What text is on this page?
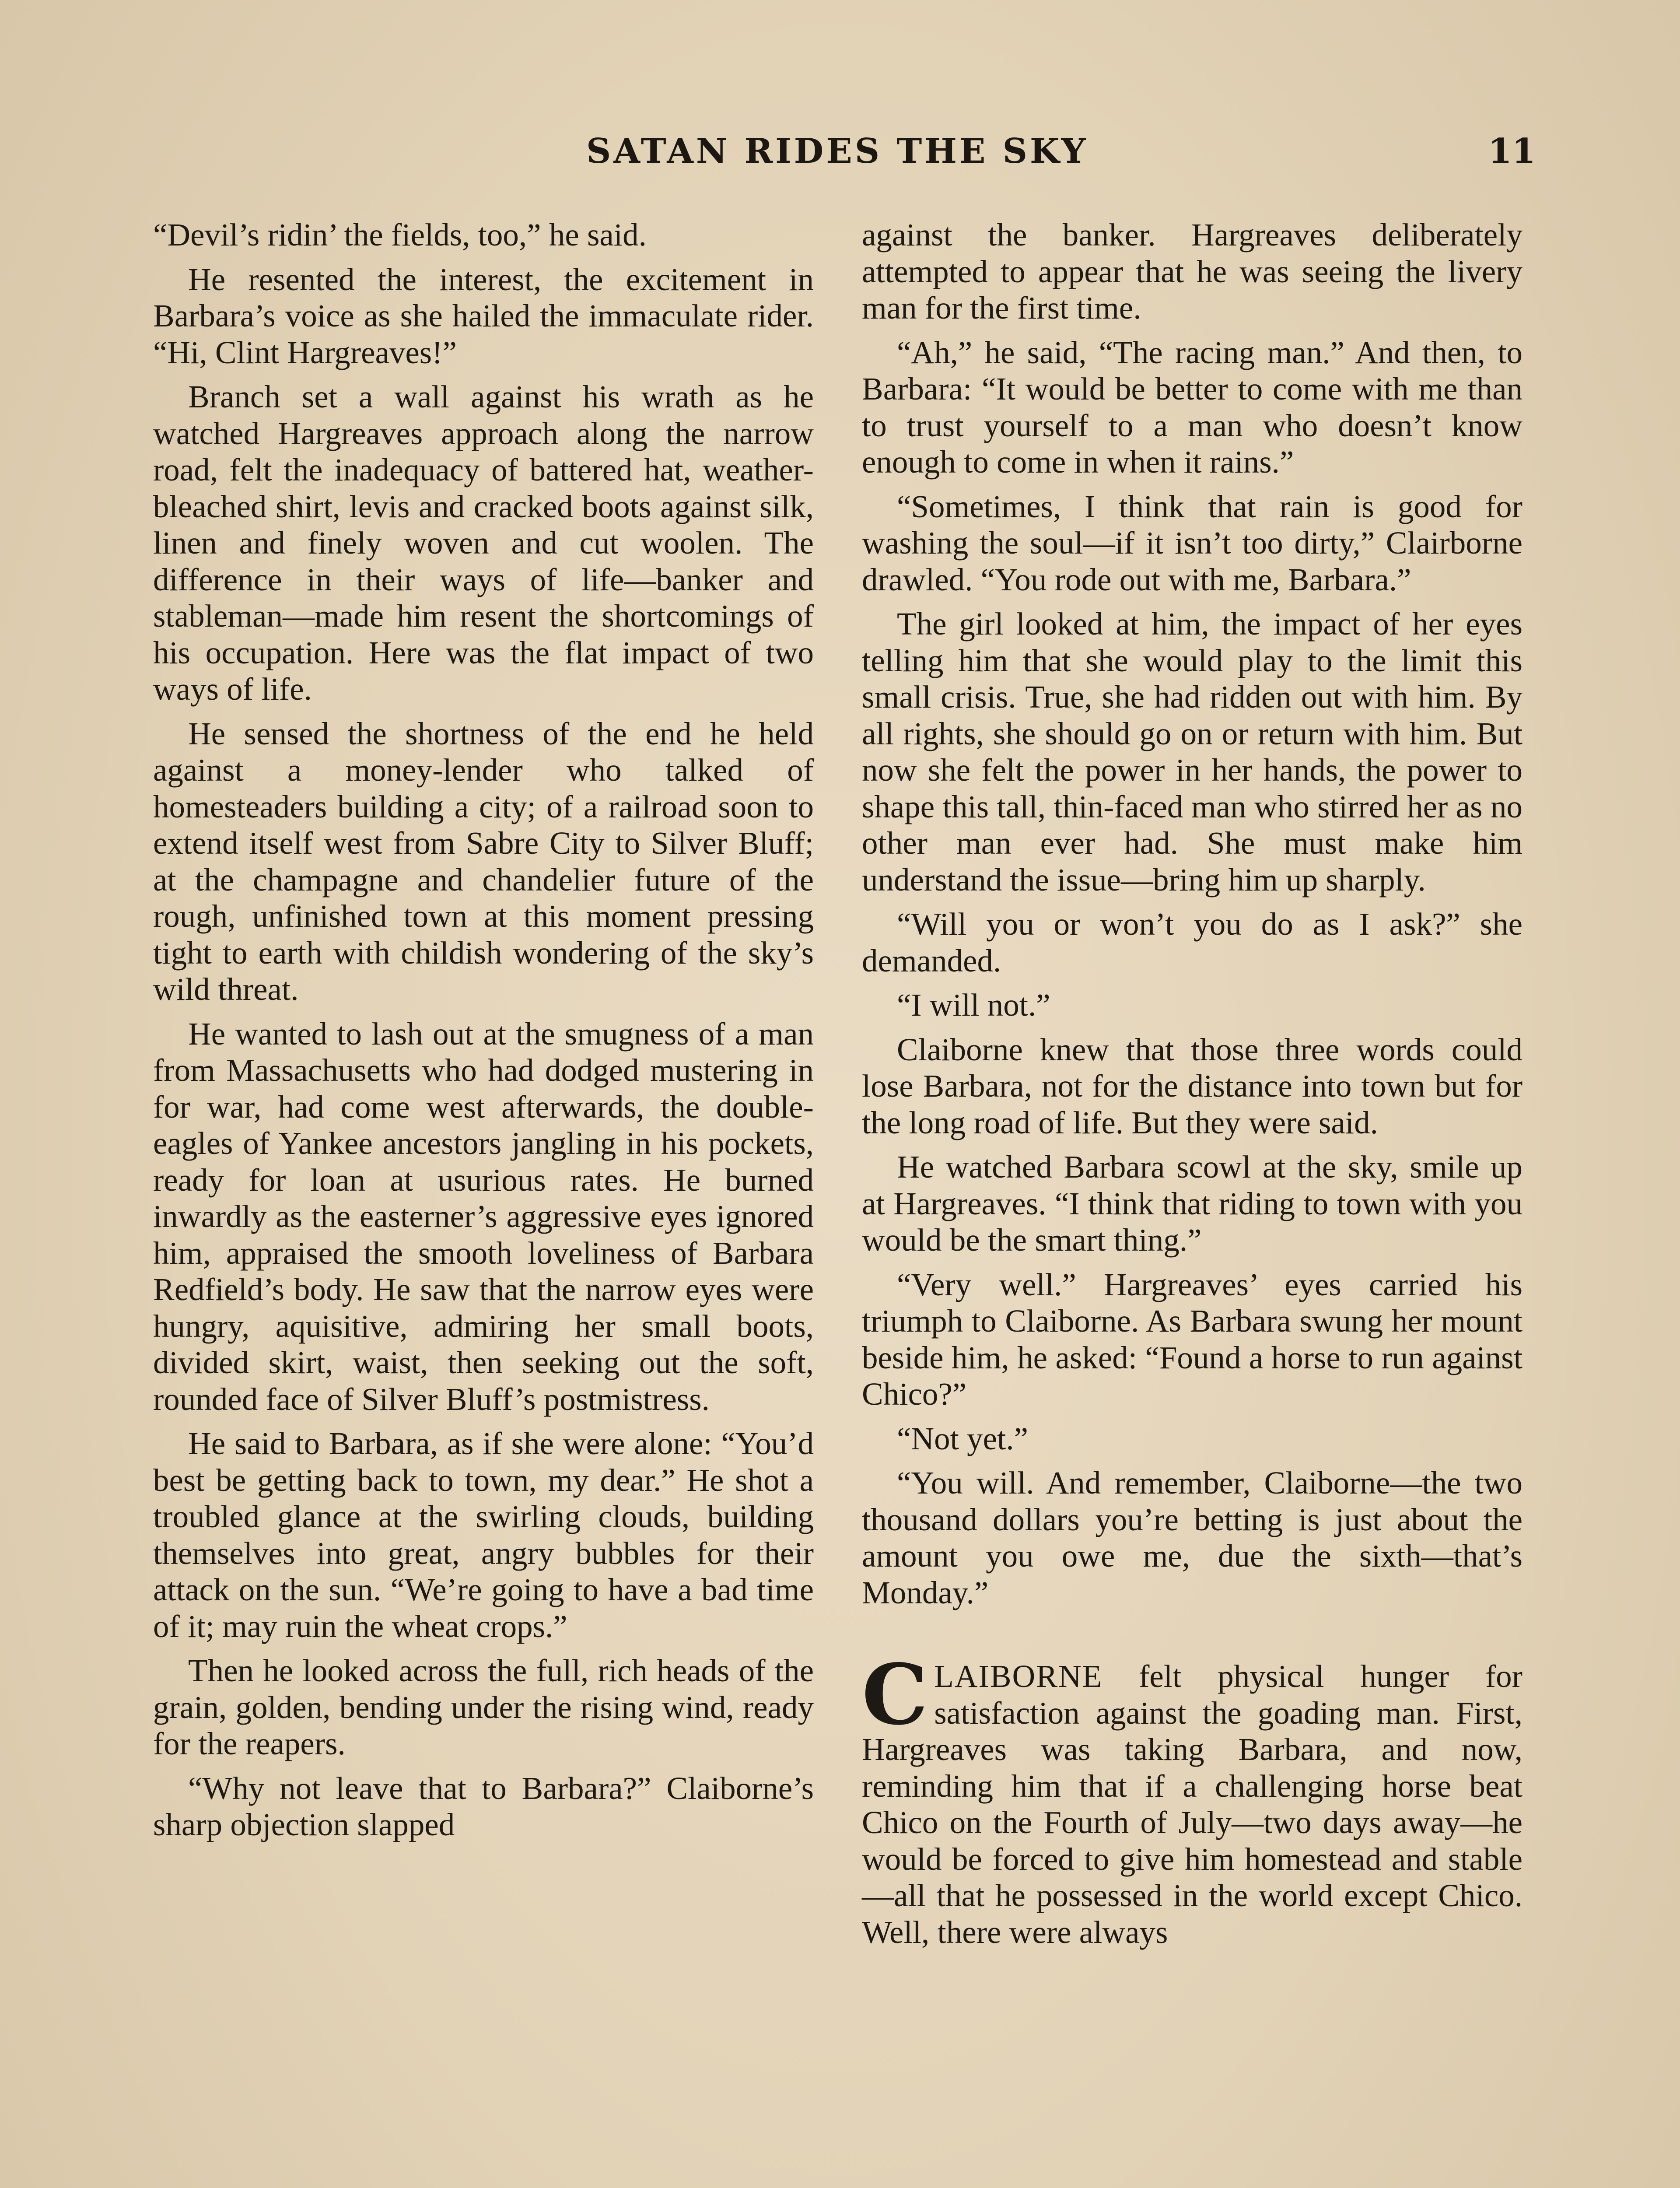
SATAN RIDES THE SKY	11

“Devil’s ridin’ the fields, too,” he said.

He resented the interest, the excitement in Barbara’s voice as she hailed the immaculate rider. “Hi, Clint Hargreaves!”

Branch set a wall against his wrath as he watched Hargreaves approach along the narrow road, felt the inadequacy of battered hat, weather-bleached shirt, levis and cracked boots against silk, linen and finely woven and cut woolen. The difference in their ways of life—banker and stableman—made him resent the shortcomings of his occupation. Here was the flat impact of two ways of life.

He sensed the shortness of the end he held against a money-lender who talked of homesteaders building a city; of a railroad soon to extend itself west from Sabre City to Silver Bluff; at the champagne and chandelier future of the rough, unfinished town at this moment pressing tight to earth with childish wondering of the sky’s wild threat.

He wanted to lash out at the smugness of a man from Massachusetts who had dodged mustering in for war, had come west afterwards, the double-eagles of Yankee ancestors jangling in his pockets, ready for loan at usurious rates. He burned inwardly as the easterner’s aggressive eyes ignored him, appraised the smooth loveliness of Barbara Redfield’s body. He saw that the narrow eyes were hungry, aquisitive, admiring her small boots, divided skirt, waist, then seeking out the soft, rounded face of Silver Bluff’s postmistress.

He said to Barbara, as if she were alone: “You’d best be getting back to town, my dear.” He shot a troubled glance at the swirling clouds, building themselves into great, angry bubbles for their attack on the sun. “We’re going to have a bad time of it; may ruin the wheat crops.”

Then he looked across the full, rich heads of the grain, golden, bending under the rising wind, ready for the reapers.

“Why not leave that to Barbara?” Claiborne’s sharp objection slapped

against the banker. Hargreaves deliberately attempted to appear that he was seeing the livery man for the first time.

“Ah,” he said, “The racing man.” And then, to Barbara: “It would be better to come with me than to trust yourself to a man who doesn’t know enough to come in when it rains.”

“Sometimes, I think that rain is good for washing the soul—if it isn’t too dirty,” Clairborne drawled. “You rode out with me, Barbara.”

The girl looked at him, the impact of her eyes telling him that she would play to the limit this small crisis. True, she had ridden out with him. By all rights, she should go on or return with him. But now she felt the power in her hands, the power to shape this tall, thin-faced man who stirred her as no other man ever had. She must make him understand the issue—bring him up sharply.

“Will you or won’t you do as I ask?” she demanded.

“I will not.”

Claiborne knew that those three words could lose Barbara, not for the distance into town but for the long road of life. But they were said.

He watched Barbara scowl at the sky, smile up at Hargreaves. “I think that riding to town with you would be the smart thing.”

“Very well.” Hargreaves’ eyes carried his triumph to Claiborne. As Barbara swung her mount beside him, he asked: “Found a horse to run against Chico?”

“Not yet.”

“You will. And remember, Claiborne—the two thousand dollars you’re betting is just about the amount you owe me, due the sixth—that’s Monday.”

CLAIBORNE felt physical hunger for satisfaction against the goading man. First, Hargreaves was taking Barbara, and now, reminding him that if a challenging horse beat Chico on the Fourth of July—two days away—he would be forced to give him homestead and stable—all that he possessed in the world except Chico. Well, there were always
